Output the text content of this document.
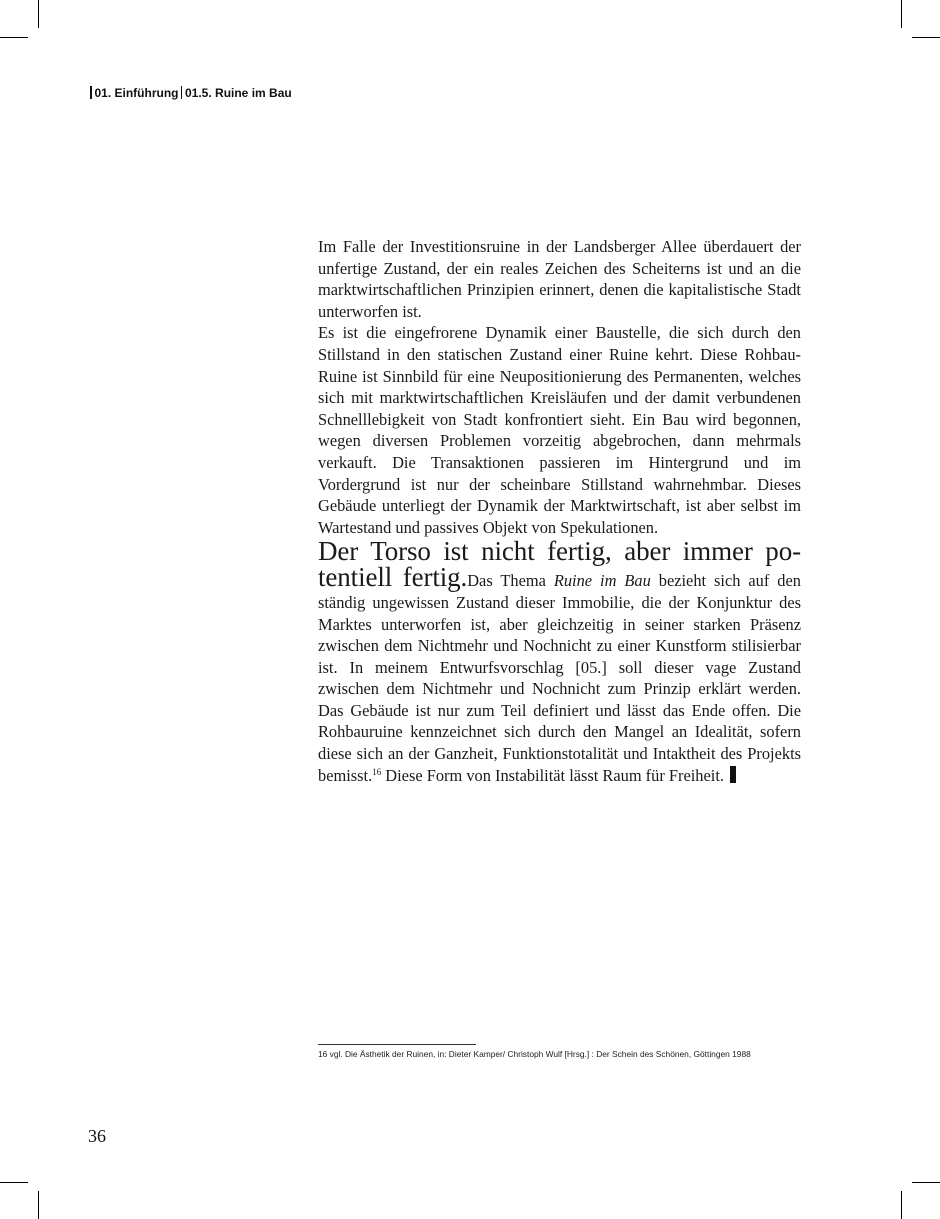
01. Einführung 01.5. Ruine im Bau

Im Falle der Investitionsruine in der Landsberger Allee überdauert der unfertige Zustand, der ein reales Zeichen des Scheiterns ist und an die marktwirtschaftlichen Prinzipien erinnert, denen die kapitalistische Stadt unterworfen ist.

Es ist die eingefrorene Dynamik einer Baustelle, die sich durch den Stillstand in den statischen Zustand einer Ruine kehrt. Diese Rohbau-Ruine ist Sinnbild für eine Neupositionierung des Permanenten, welches sich mit marktwirtschaftlichen Kreisläufen und der damit verbundenen Schnelllebigkeit von Stadt konfrontiert sieht. Ein Bau wird begonnen, wegen diversen Problemen vorzeitig abgebrochen, dann mehrmals verkauft. Die Transaktionen passieren im Hintergrund und im Vordergrund ist nur der scheinbare Stillstand wahrnehmbar. Dieses Gebäude unterliegt der Dynamik der Marktwirtschaft, ist aber selbst im Wartestand und passives Objekt von Spekulationen.

Der Torso ist nicht fertig, aber immer po-
tentiell fertig.Das Thema Ruine im Bau bezieht sich auf den ständig ungewissen Zustand dieser Immobilie, die der Konjunktur des Marktes unterworfen ist, aber gleichzeitig in seiner starken Präsenz zwischen dem Nichtmehr und Nochnicht zu einer Kunstform stilisierbar ist. In meinem Entwurfsvorschlag [05.] soll dieser vage Zustand zwischen dem Nichtmehr und Nochnicht zum Prinzip erklärt werden. Das Gebäude ist nur zum Teil definiert und lässt das Ende offen. Die Rohbauruine kennzeichnet sich durch den Mangel an Idealität, sofern diese sich an der Ganzheit, Funktionstotalität und Intaktheit des Projekts bemisst.$^{16}$ Diese Form von Instabilität lässt Raum für Freiheit.

16 vgl. Die Ästhetik der Ruinen, in: Dieter Kamper/ Christoph Wulf [Hrsg.] : Der Schein des Schönen, Göttingen 1988
36
